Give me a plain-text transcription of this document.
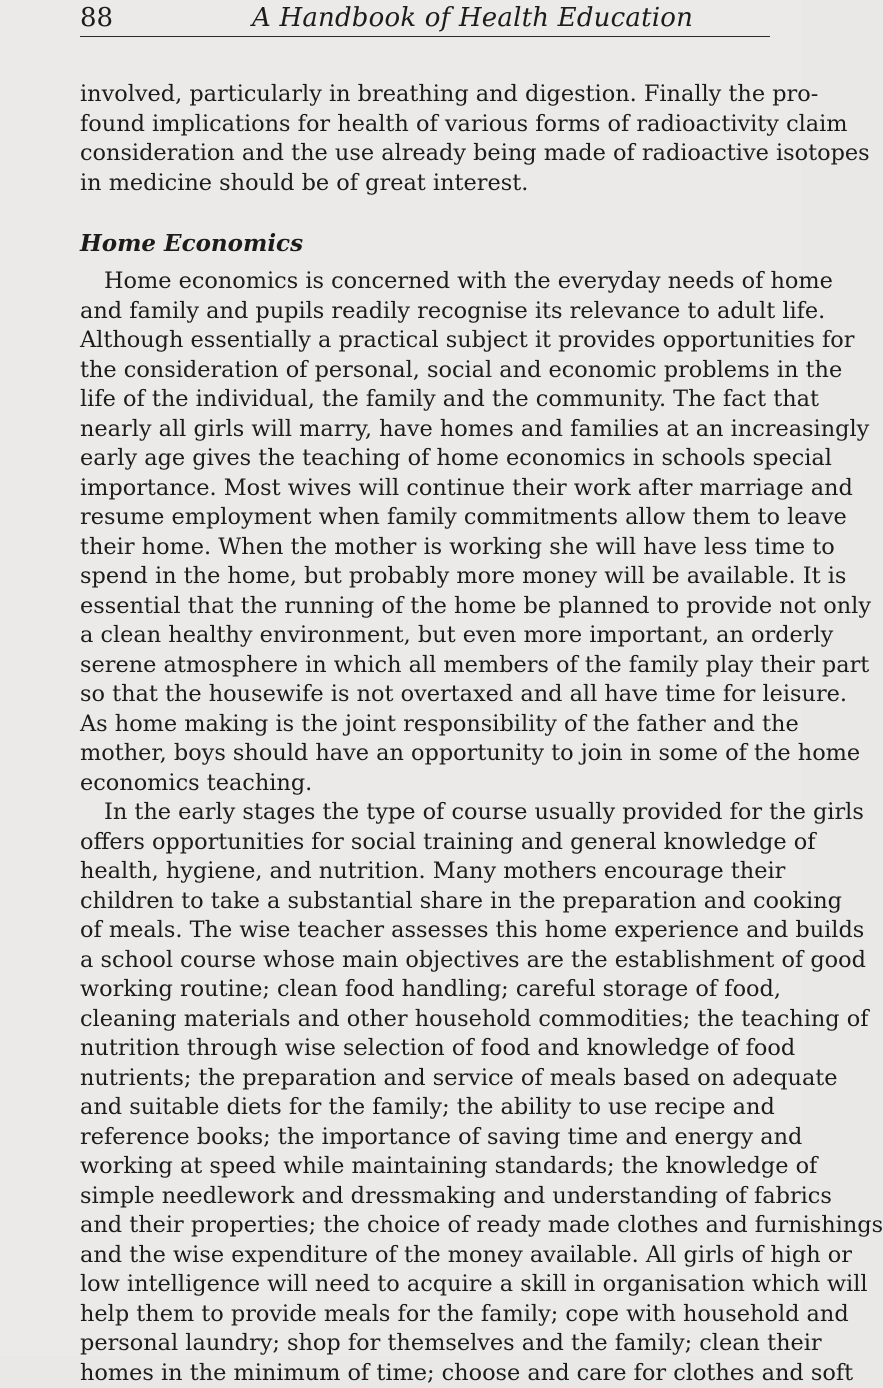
88	A Handbook of Health Education
involved, particularly in breathing and digestion. Finally the pro-
found implications for health of various forms of radioactivity claim
consideration and the use already being made of radioactive isotopes
in medicine should be of great interest.
Home Economics
Home economics is concerned with the everyday needs of home
and family and pupils readily recognise its relevance to adult life.
Although essentially a practical subject it provides opportunities for
the consideration of personal, social and economic problems in the
life of the individual, the family and the community. The fact that
nearly all girls will marry, have homes and families at an increasingly
early age gives the teaching of home economics in schools special
importance. Most wives will continue their work after marriage and
resume employment when family commitments allow them to leave
their home. When the mother is working she will have less time to
spend in the home, but probably more money will be available. It is
essential that the running of the home be planned to provide not only
a clean healthy environment, but even more important, an orderly
serene atmosphere in which all members of the family play their part
so that the housewife is not overtaxed and all have time for leisure.
As home making is the joint responsibility of the father and the
mother, boys should have an opportunity to join in some of the home
economics teaching.
In the early stages the type of course usually provided for the girls
offers opportunities for social training and general knowledge of
health, hygiene, and nutrition. Many mothers encourage their
children to take a substantial share in the preparation and cooking
of meals. The wise teacher assesses this home experience and builds
a school course whose main objectives are the establishment of good
working routine; clean food handling; careful storage of food,
cleaning materials and other household commodities; the teaching of
nutrition through wise selection of food and knowledge of food
nutrients; the preparation and service of meals based on adequate
and suitable diets for the family; the ability to use recipe and
reference books; the importance of saving time and energy and
working at speed while maintaining standards; the knowledge of
simple needlework and dressmaking and understanding of fabrics
and their properties; the choice of ready made clothes and furnishings
and the wise expenditure of the money available. All girls of high or
low intelligence will need to acquire a skill in organisation which will
help them to provide meals for the family; cope with household and
personal laundry; shop for themselves and the family; clean their
homes in the minimum of time; choose and care for clothes and soft
